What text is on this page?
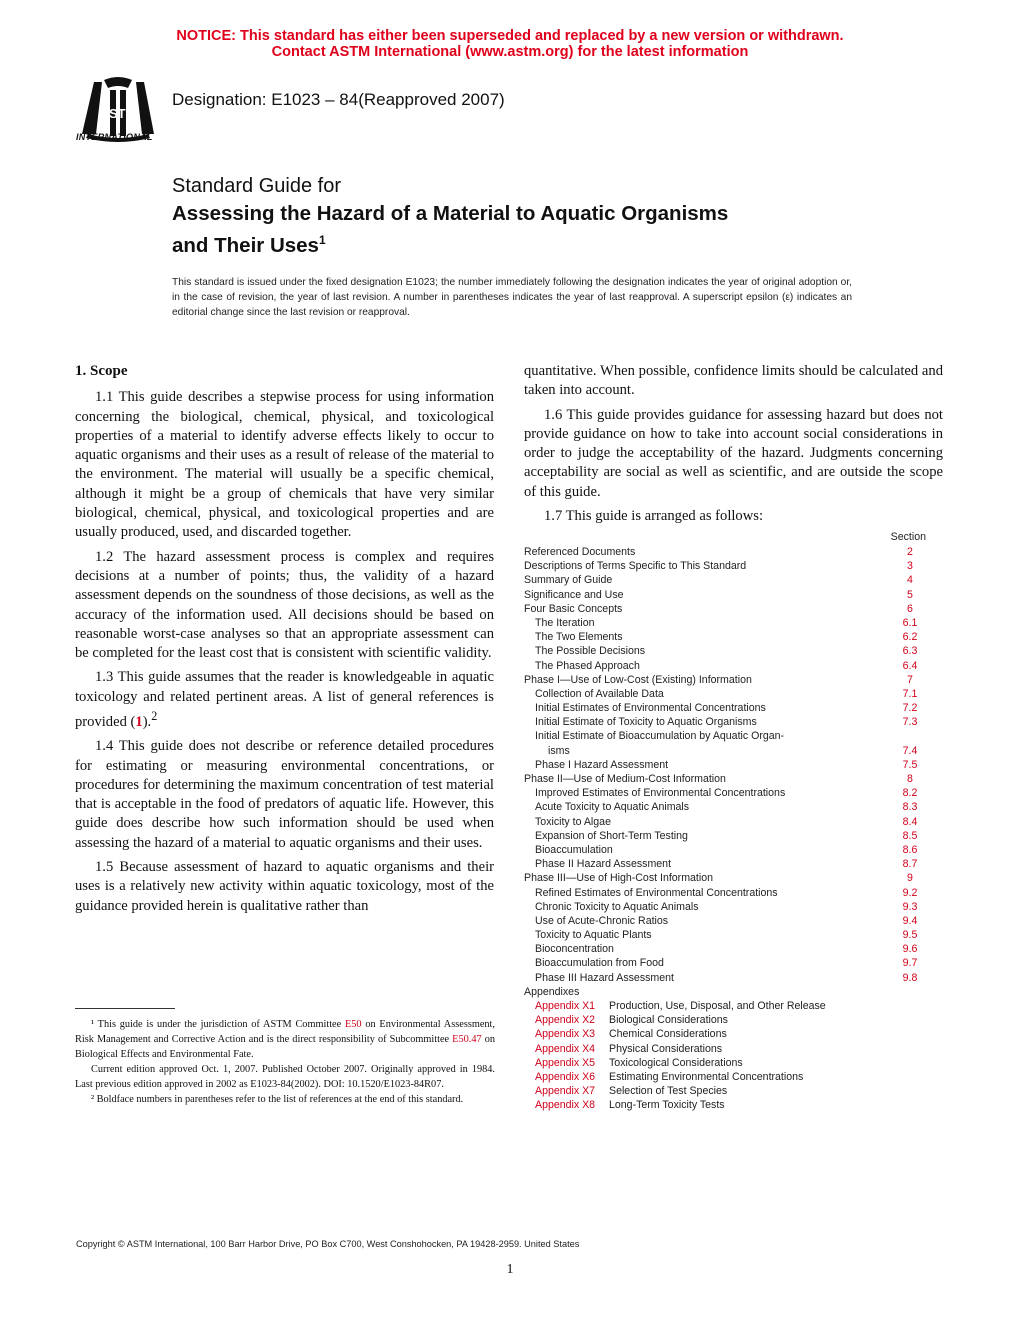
NOTICE: This standard has either been superseded and replaced by a new version or withdrawn.
Contact ASTM International (www.astm.org) for the latest information
ASTM
INTERNATIONAL
Designation: E1023 – 84(Reapproved 2007)
Standard Guide for
Assessing the Hazard of a Material to Aquatic Organisms
and Their Uses$^1$
This standard is issued under the fixed designation E1023; the number immediately following the designation indicates the year of original adoption or, in the case of revision, the year of last revision. A number in parentheses indicates the year of last reapproval. A superscript epsilon (ε) indicates an editorial change since the last revision or reapproval.
1. Scope

1.1 This guide describes a stepwise process for using information concerning the biological, chemical, physical, and toxicological properties of a material to identify adverse effects likely to occur to aquatic organisms and their uses as a result of release of the material to the environment. The material will usually be a specific chemical, although it might be a group of chemicals that have very similar biological, chemical, physical, and toxicological properties and are usually produced, used, and discarded together.

1.2 The hazard assessment process is complex and requires decisions at a number of points; thus, the validity of a hazard assessment depends on the soundness of those decisions, as well as the accuracy of the information used. All decisions should be based on reasonable worst-case analyses so that an appropriate assessment can be completed for the least cost that is consistent with scientific validity.

1.3 This guide assumes that the reader is knowledgeable in aquatic toxicology and related pertinent areas. A list of general references is provided (1).$^2$

1.4 This guide does not describe or reference detailed procedures for estimating or measuring environmental concentrations, or procedures for determining the maximum concentration of test material that is acceptable in the food of predators of aquatic life. However, this guide does describe how such information should be used when assessing the hazard of a material to aquatic organisms and their uses.

1.5 Because assessment of hazard to aquatic organisms and their uses is a relatively new activity within aquatic toxicology, most of the guidance provided herein is qualitative rather than

¹ This guide is under the jurisdiction of ASTM Committee E50 on Environmental Assessment, Risk Management and Corrective Action and is the direct responsibility of Subcommittee E50.47 on Biological Effects and Environmental Fate.

Current edition approved Oct. 1, 2007. Published October 2007. Originally approved in 1984. Last previous edition approved in 2002 as E1023-84(2002). DOI: 10.1520/E1023-84R07.

² Boldface numbers in parentheses refer to the list of references at the end of this standard.

quantitative. When possible, confidence limits should be calculated and taken into account.

1.6 This guide provides guidance for assessing hazard but does not provide guidance on how to take into account social considerations in order to judge the acceptability of the hazard. Judgments concerning acceptability are social as well as scientific, and are outside the scope of this guide.

1.7 This guide is arranged as follows:

Section
Referenced Documents	2
Descriptions of Terms Specific to This Standard	3
Summary of Guide	4
Significance and Use	5
Four Basic Concepts	6
The Iteration	6.1
The Two Elements	6.2
The Possible Decisions	6.3
The Phased Approach	6.4
Phase I—Use of Low-Cost (Existing) Information	7
Collection of Available Data	7.1
Initial Estimates of Environmental Concentrations	7.2
Initial Estimate of Toxicity to Aquatic Organisms	7.3
Initial Estimate of Bioaccumulation by Aquatic Organ-
isms	7.4
Phase I Hazard Assessment	7.5
Phase II—Use of Medium-Cost Information	8
Improved Estimates of Environmental Concentrations	8.2
Acute Toxicity to Aquatic Animals	8.3
Toxicity to Algae	8.4
Expansion of Short-Term Testing	8.5
Bioaccumulation	8.6
Phase II Hazard Assessment	8.7
Phase III—Use of High-Cost Information	9
Refined Estimates of Environmental Concentrations	9.2
Chronic Toxicity to Aquatic Animals	9.3
Use of Acute-Chronic Ratios	9.4
Toxicity to Aquatic Plants	9.5
Bioconcentration	9.6
Bioaccumulation from Food	9.7
Phase III Hazard Assessment	9.8
Appendixes
Appendix X1 Production, Use, Disposal, and Other Release
Appendix X2 Biological Considerations
Appendix X3 Chemical Considerations
Appendix X4 Physical Considerations
Appendix X5 Toxicological Considerations
Appendix X6 Estimating Environmental Concentrations
Appendix X7 Selection of Test Species
Appendix X8 Long-Term Toxicity Tests
Copyright © ASTM International, 100 Barr Harbor Drive, PO Box C700, West Conshohocken, PA 19428-2959. United States
1
